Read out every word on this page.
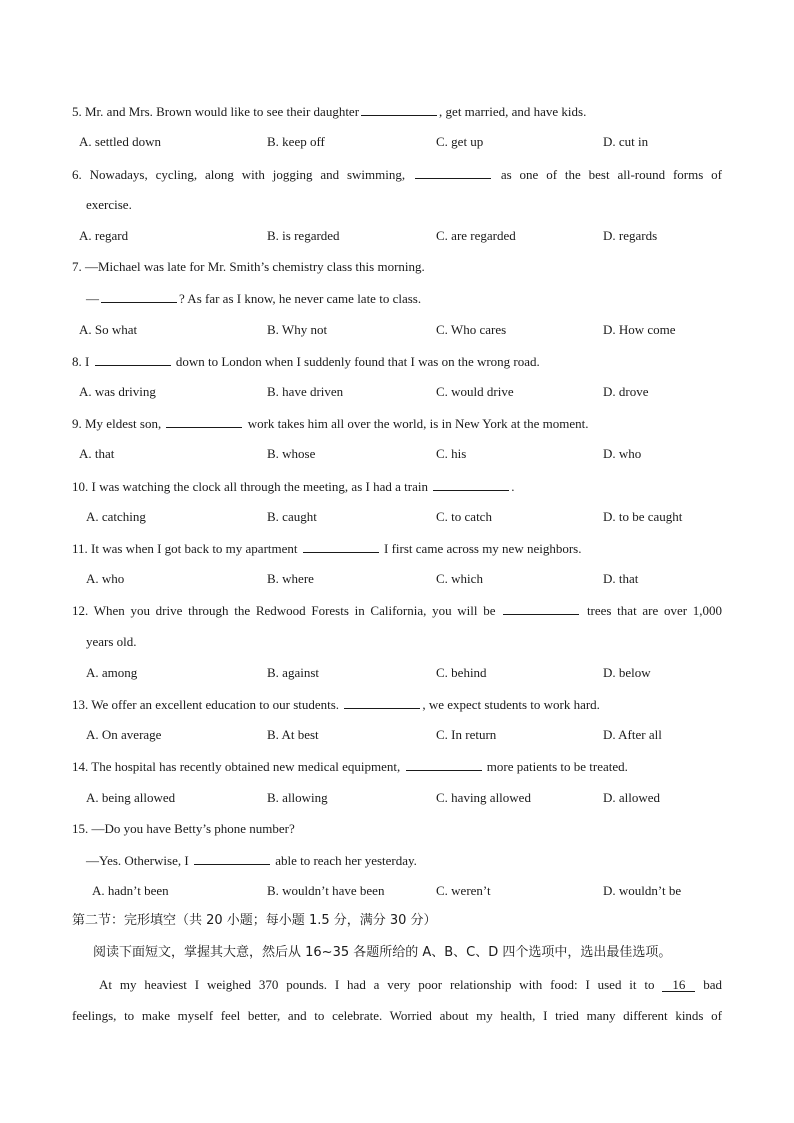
5. Mr. and Mrs. Brown would like to see their daughter	, get married, and have kids.
A. settled down	B. keep off	C. get up	D. cut in
6. Nowadays, cycling, along with jogging and swimming,	as one of the best all-round forms of
exercise.
A. regard	B. is regarded	C. are regarded	D. regards
7. —Michael was late for Mr. Smith’s chemistry class this morning.
—	? As far as I know, he never came late to class.
A. So what	B. Why not	C. Who cares	D. How come
8. I	down to London when I suddenly found that I was on the wrong road.
A. was driving	B. have driven	C. would drive	D. drove
9. My eldest son,	work takes him all over the world, is in New York at the moment.
A. that	B. whose	C. his	D. who
10. I was watching the clock all through the meeting, as I had a train	.
A. catching	B. caught	C. to catch	D. to be caught
11. It was when I got back to my apartment	I first came across my new neighbors.
A. who	B. where	C. which	D. that
12. When you drive through the Redwood Forests in California, you will be	trees that are over 1,000
years old.
A. among	B. against	C. behind	D. below
13. We offer an excellent education to our students.	, we expect students to work hard.
A. On average	B. At best	C. In return	D. After all
14. The hospital has recently obtained new medical equipment,	more patients to be treated.
A. being allowed	B. allowing	C. having allowed	D. allowed
15. —Do you have Betty’s phone number?
—Yes. Otherwise, I	able to reach her yesterday.
A. hadn’t been	B. wouldn’t have been	C. weren’t	D. wouldn’t be
第二节：完形填空（共 20 小题；每小题 1.5 分，满分 30 分）
阅读下面短文，掌握其大意，然后从 16~35 各题所给的 A、B、C、D 四个选项中，选出最佳选项。
At my heaviest I weighed 370 pounds. I had a very poor relationship with food: I used it to 16 bad
feelings, to make myself feel better, and to celebrate. Worried about my health, I tried many different kinds of
